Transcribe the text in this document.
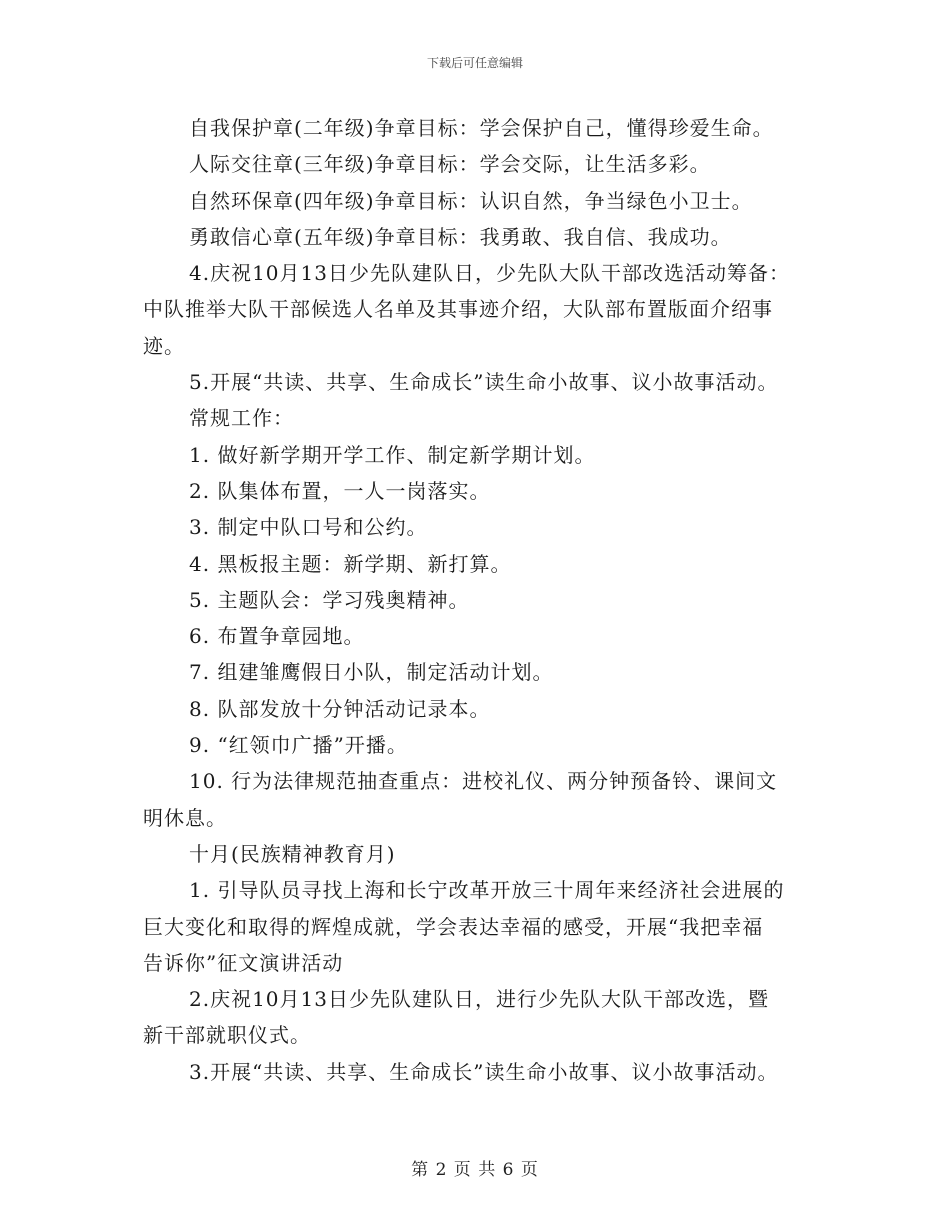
下载后可任意编辑

自我保护章(二年级)争章目标：学会保护自己，懂得珍爱生命。

人际交往章(三年级)争章目标：学会交际，让生活多彩。

自然环保章(四年级)争章目标：认识自然，争当绿色小卫士。

勇敢信心章(五年级)争章目标：我勇敢、我自信、我成功。

4.庆祝10月13日少先队建队日，少先队大队干部改选活动筹备：

中队推举大队干部候选人名单及其事迹介绍，大队部布置版面介绍事

迹。

5.开展“共读、共享、生命成长”读生命小故事、议小故事活动。

常规工作：

1. 做好新学期开学工作、制定新学期计划。

2. 队集体布置，一人一岗落实。

3. 制定中队口号和公约。

4. 黑板报主题：新学期、新打算。

5. 主题队会：学习残奥精神。

6. 布置争章园地。

7. 组建雏鹰假日小队，制定活动计划。

8. 队部发放十分钟活动记录本。

9. “红领巾广播”开播。

10. 行为法律规范抽查重点：进校礼仪、两分钟预备铃、课间文

明休息。

十月(民族精神教育月)

1. 引导队员寻找上海和长宁改革开放三十周年来经济社会进展的

巨大变化和取得的辉煌成就，学会表达幸福的感受，开展“我把幸福

告诉你”征文演讲活动

2.庆祝10月13日少先队建队日，进行少先队大队干部改选，暨

新干部就职仪式。

3.开展“共读、共享、生命成长”读生命小故事、议小故事活动。

第 2 页 共 6 页
